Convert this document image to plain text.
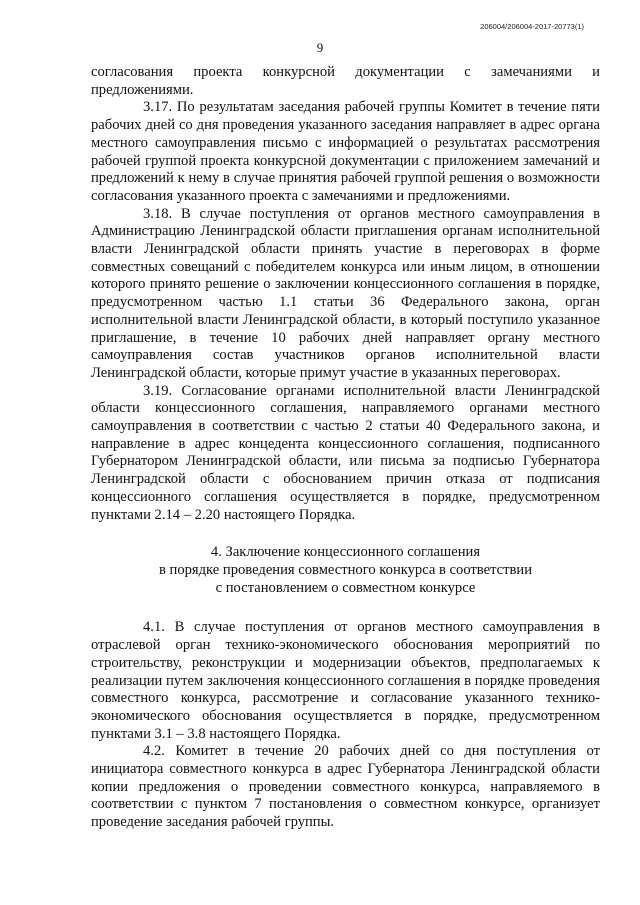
206004/206004-2017-20773(1)
9

согласования проекта конкурсной документации с замечаниями и предложениями.

3.17. По результатам заседания рабочей группы Комитет в течение пяти рабочих дней со дня проведения указанного заседания направляет в адрес органа местного самоуправления письмо с информацией о результатах рассмотрения рабочей группой проекта конкурсной документации с приложением замечаний и предложений к нему в случае принятия рабочей группой решения о возможности согласования указанного проекта с замечаниями и предложениями.

3.18. В случае поступления от органов местного самоуправления в Администрацию Ленинградской области приглашения органам исполнительной власти Ленинградской области принять участие в переговорах в форме совместных совещаний с победителем конкурса или иным лицом, в отношении которого принято решение о заключении концессионного соглашения в порядке, предусмотренном частью 1.1 статьи 36 Федерального закона, орган исполнительной власти Ленинградской области, в который поступило указанное приглашение, в течение 10 рабочих дней направляет органу местного самоуправления состав участников органов исполнительной власти Ленинградской области, которые примут участие в указанных переговорах.

3.19. Согласование органами исполнительной власти Ленинградской области концессионного соглашения, направляемого органами местного самоуправления в соответствии с частью 2 статьи 40 Федерального закона, и направление в адрес концедента концессионного соглашения, подписанного Губернатором Ленинградской области, или письма за подписью Губернатора Ленинградской области с обоснованием причин отказа от подписания концессионного соглашения осуществляется в порядке, предусмотренном пунктами 2.14 – 2.20 настоящего Порядка.

4. Заключение концессионного соглашения
в порядке проведения совместного конкурса в соответствии
с постановлением о совместном конкурсе

4.1. В случае поступления от органов местного самоуправления в отраслевой орган технико-экономического обоснования мероприятий по строительству, реконструкции и модернизации объектов, предполагаемых к реализации путем заключения концессионного соглашения в порядке проведения совместного конкурса, рассмотрение и согласование указанного технико-экономического обоснования осуществляется в порядке, предусмотренном пунктами 3.1 – 3.8 настоящего Порядка.

4.2. Комитет в течение 20 рабочих дней со дня поступления от инициатора совместного конкурса в адрес Губернатора Ленинградской области копии предложения о проведении совместного конкурса, направляемого в соответствии с пунктом 7 постановления о совместном конкурсе, организует проведение заседания рабочей группы.
